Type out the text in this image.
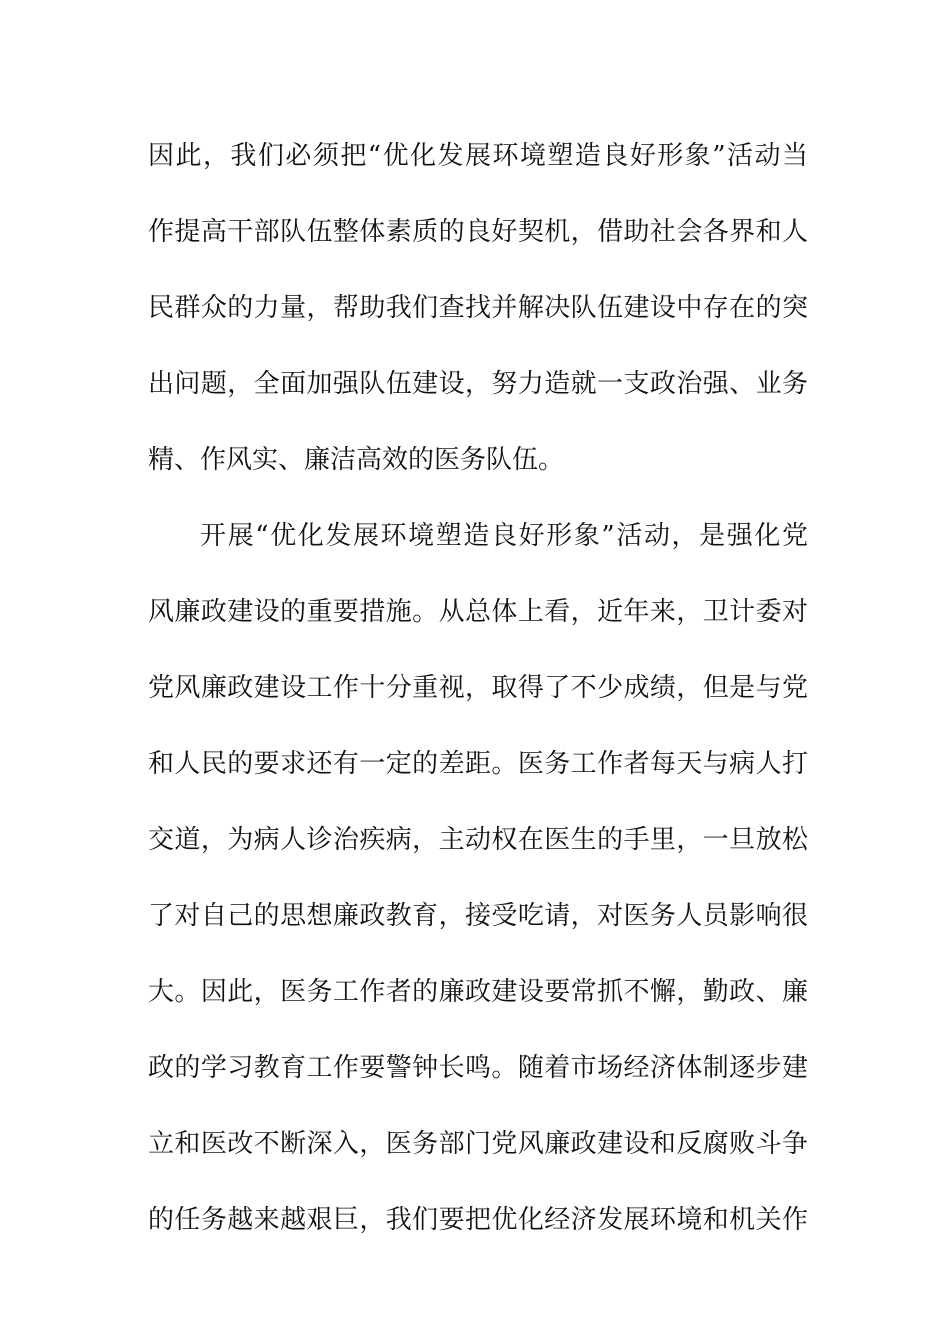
因此，我们必须把“优化发展环境塑造良好形象”活动当
作提高干部队伍整体素质的良好契机，借助社会各界和人
民群众的力量，帮助我们查找并解决队伍建设中存在的突
出问题，全面加强队伍建设，努力造就一支政治强、业务
精、作风实、廉洁高效的医务队伍。
开展“优化发展环境塑造良好形象”活动，是强化党
风廉政建设的重要措施。从总体上看，近年来，卫计委对
党风廉政建设工作十分重视，取得了不少成绩，但是与党
和人民的要求还有一定的差距。医务工作者每天与病人打
交道，为病人诊治疾病，主动权在医生的手里，一旦放松
了对自己的思想廉政教育，接受吃请，对医务人员影响很
大。因此，医务工作者的廉政建设要常抓不懈，勤政、廉
政的学习教育工作要警钟长鸣。随着市场经济体制逐步建
立和医改不断深入，医务部门党风廉政建设和反腐败斗争
的任务越来越艰巨，我们要把优化经济发展环境和机关作
